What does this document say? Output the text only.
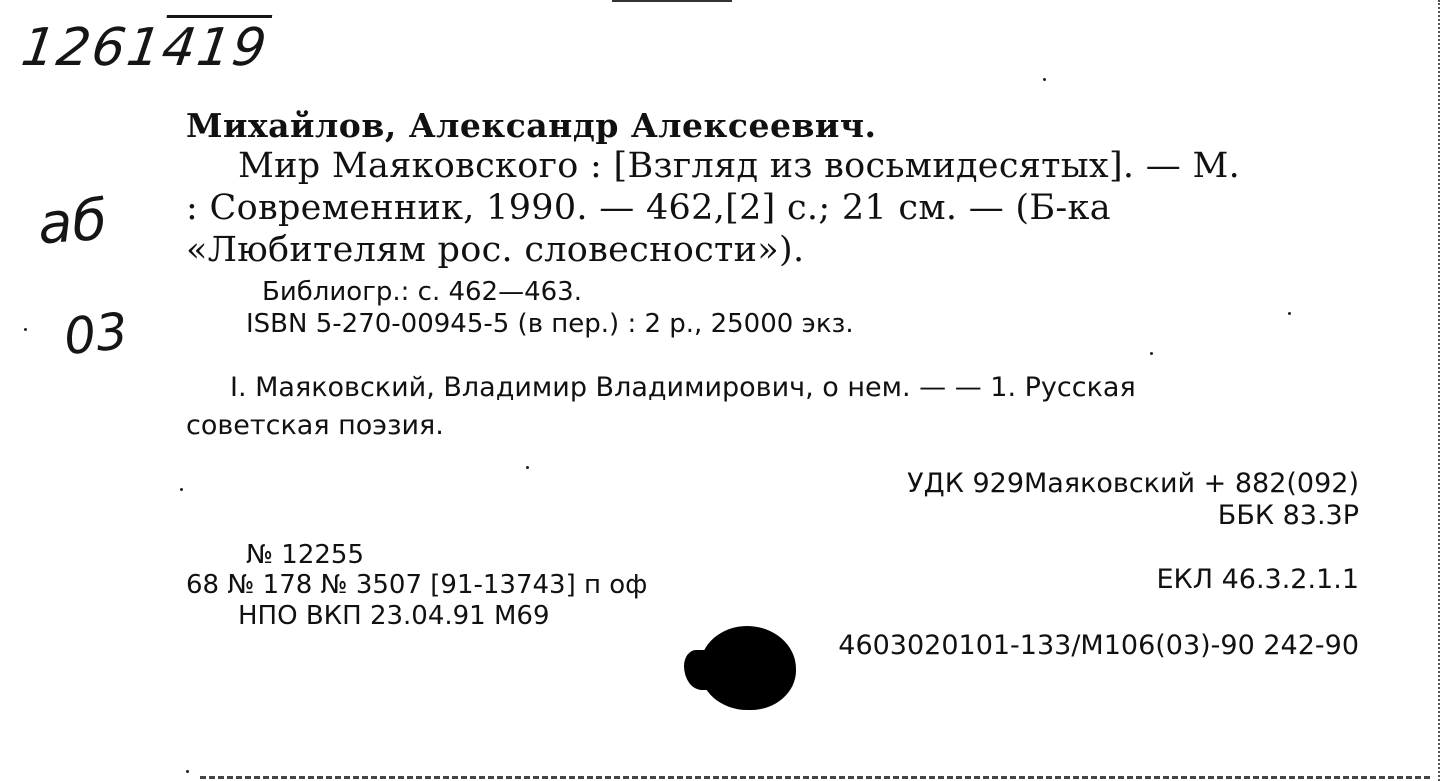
1261419
аб
03
Михайлов, Александр Алексеевич.
Мир Маяковского : [Взгляд из восьмидесятых]. — М.
: Современник, 1990. — 462,[2] с.; 21 см. — (Б-ка
«Любителям рос. словесности»).
Библиогр.: с. 462—463.
ISBN 5-270-00945-5 (в пер.) : 2 р., 25000 экз.
I. Маяковский, Владимир Владимирович, о нем. — — 1. Русская
советская поэзия.
УДК 929Маяковский + 882(092)
ББК 83.3Р
№ 12255
68 № 178 № 3507 [91-13743] п оф
НПО ВКП 23.04.91 М69
ЕКЛ 46.3.2.1.1
4603020101-133/М106(03)-90 242-90
